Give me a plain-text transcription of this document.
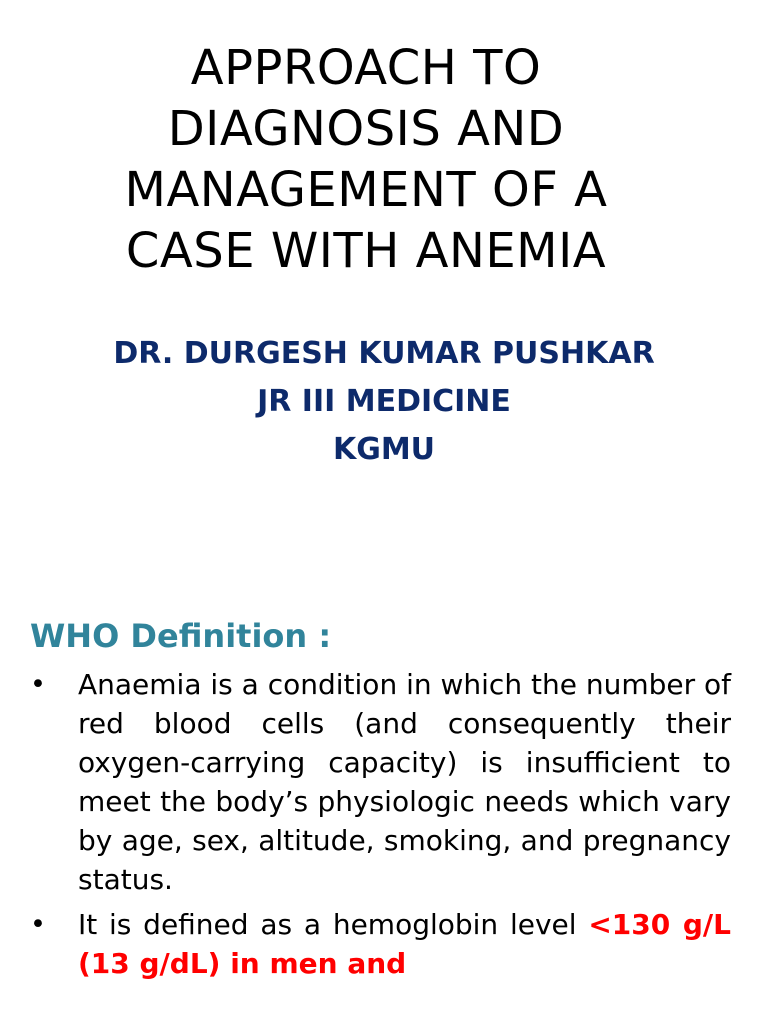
APPROACH TO DIAGNOSIS AND MANAGEMENT OF A CASE WITH ANEMIA
DR. DURGESH KUMAR PUSHKAR
JR III MEDICINE
KGMU
WHO Definition :
• Anaemia is a condition in which the number of red blood cells (and consequently their oxygen-carrying capacity) is insufficient to meet the body’s physiologic needs which vary by age, sex, altitude, smoking, and pregnancy status.
• It is defined as a hemoglobin level <130 g/L (13 g/dL) in men and
